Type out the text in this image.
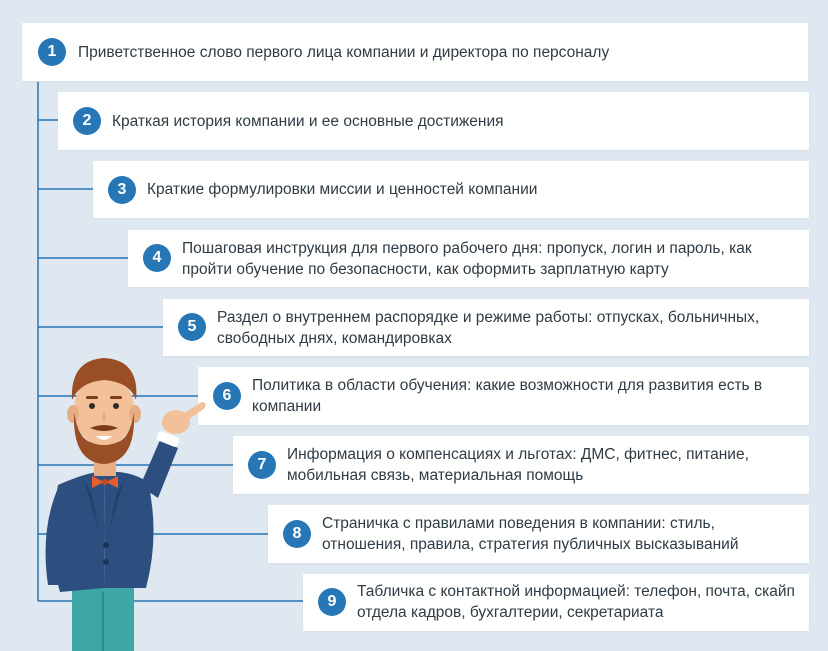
1	Приветственное слово первого лица компании и директора по персоналу
2	Краткая история компании и ее основные достижения
3	Краткие формулировки миссии и ценностей компании
4
Пошаговая инструкция для первого рабочего дня: пропуск, логин и пароль, как пройти обучение по безопасности, как оформить зарплатную карту
5
Раздел о внутреннем распорядке и режиме работы: отпусках, больничных, свободных днях, командировках
6
Политика в области обучения: какие возможности для развития есть в компании
7
Информация о компенсациях и льготах: ДМС, фитнес, питание, мобильная связь, материальная помощь
8
Страничка с правилами поведения в компании: стиль, отношения, правила, стратегия публичных высказываний
9
Табличка с контактной информацией: телефон, почта, скайп отдела кадров, бухгалтерии, секретариата
